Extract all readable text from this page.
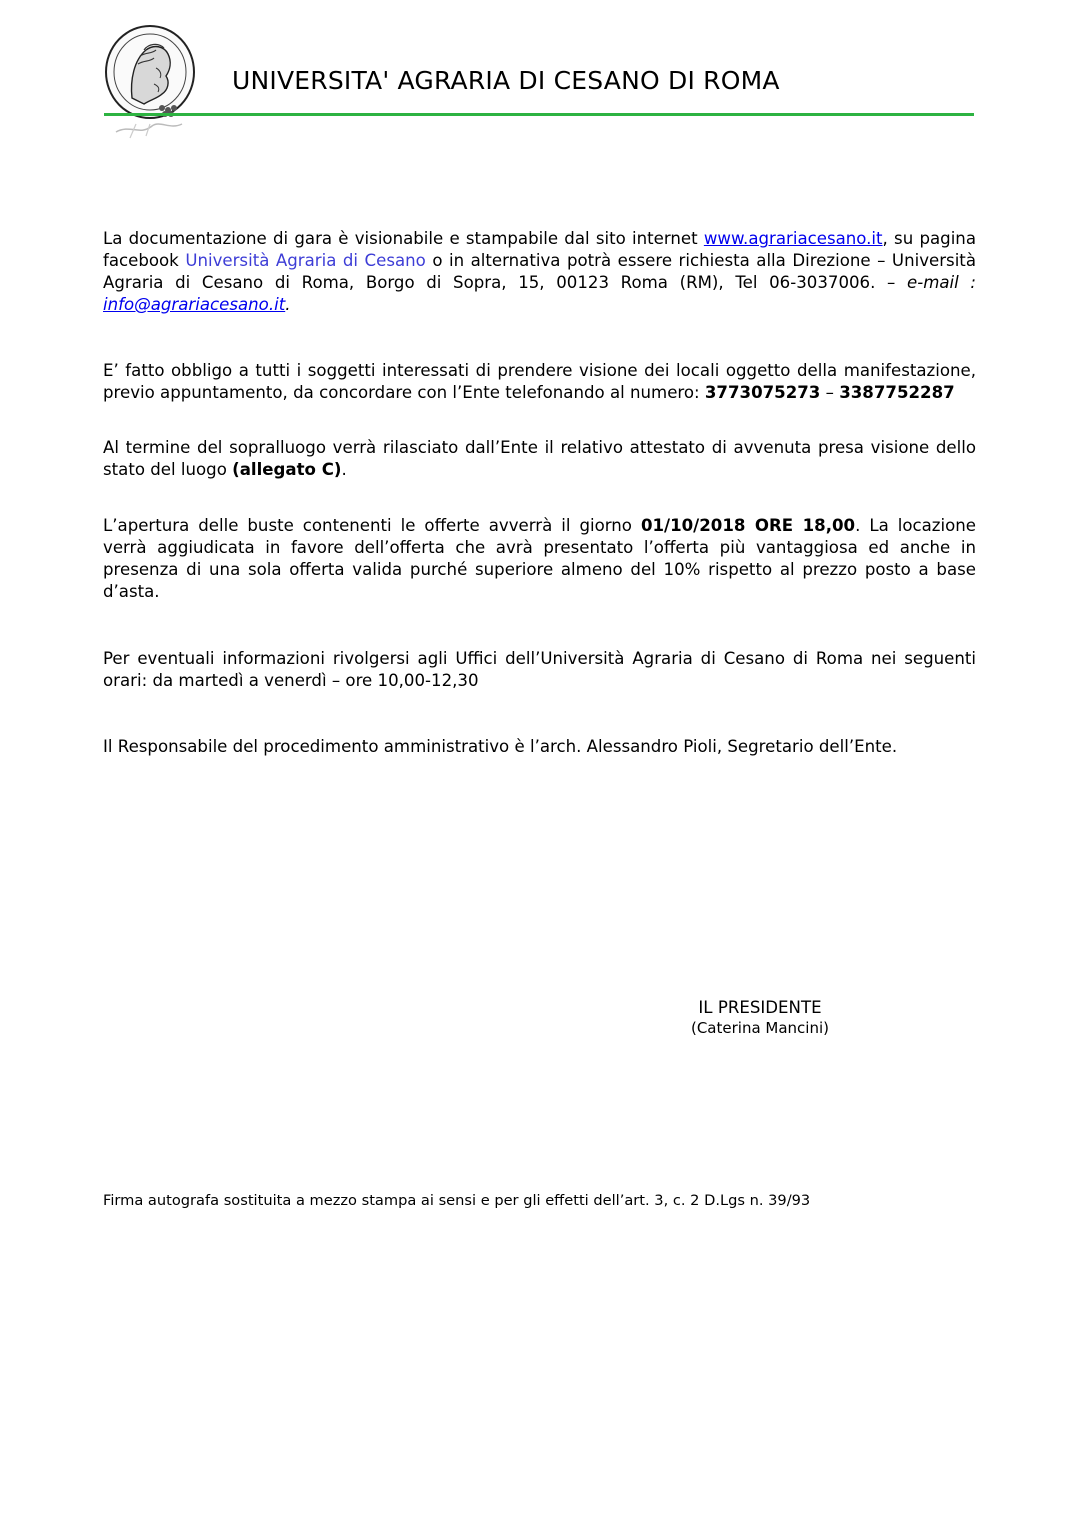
UNIVERSITA' AGRARIA DI CESANO DI ROMA

La documentazione di gara è visionabile e stampabile dal sito internet www.agrariacesano.it, su pagina facebook Università Agraria di Cesano o in alternativa potrà essere richiesta alla Direzione – Università Agraria di Cesano di Roma, Borgo di Sopra, 15, 00123 Roma (RM), Tel 06-3037006. – e-mail : info@agrariacesano.it.

E’ fatto obbligo a tutti i soggetti interessati di prendere visione dei locali oggetto della manifestazione, previo appuntamento, da concordare con l’Ente telefonando al numero: 3773075273 – 3387752287

Al termine del sopralluogo verrà rilasciato dall’Ente il relativo attestato di avvenuta presa visione dello stato del luogo (allegato C).

L’apertura delle buste contenenti le offerte avverrà il giorno 01/10/2018 ORE 18,00. La locazione verrà aggiudicata in favore dell’offerta che avrà presentato l’offerta più vantaggiosa ed anche in presenza di una sola offerta valida purché superiore almeno del 10% rispetto al prezzo posto a base d’asta.

Per eventuali informazioni rivolgersi agli Uffici dell’Università Agraria di Cesano di Roma nei seguenti orari: da martedì a venerdì – ore 10,00-12,30

Il Responsabile del procedimento amministrativo è l’arch. Alessandro Pioli, Segretario dell’Ente.

IL PRESIDENTE
(Caterina Mancini)
Firma autografa sostituita a mezzo stampa ai sensi e per gli effetti dell’art. 3, c. 2 D.Lgs n. 39/93
